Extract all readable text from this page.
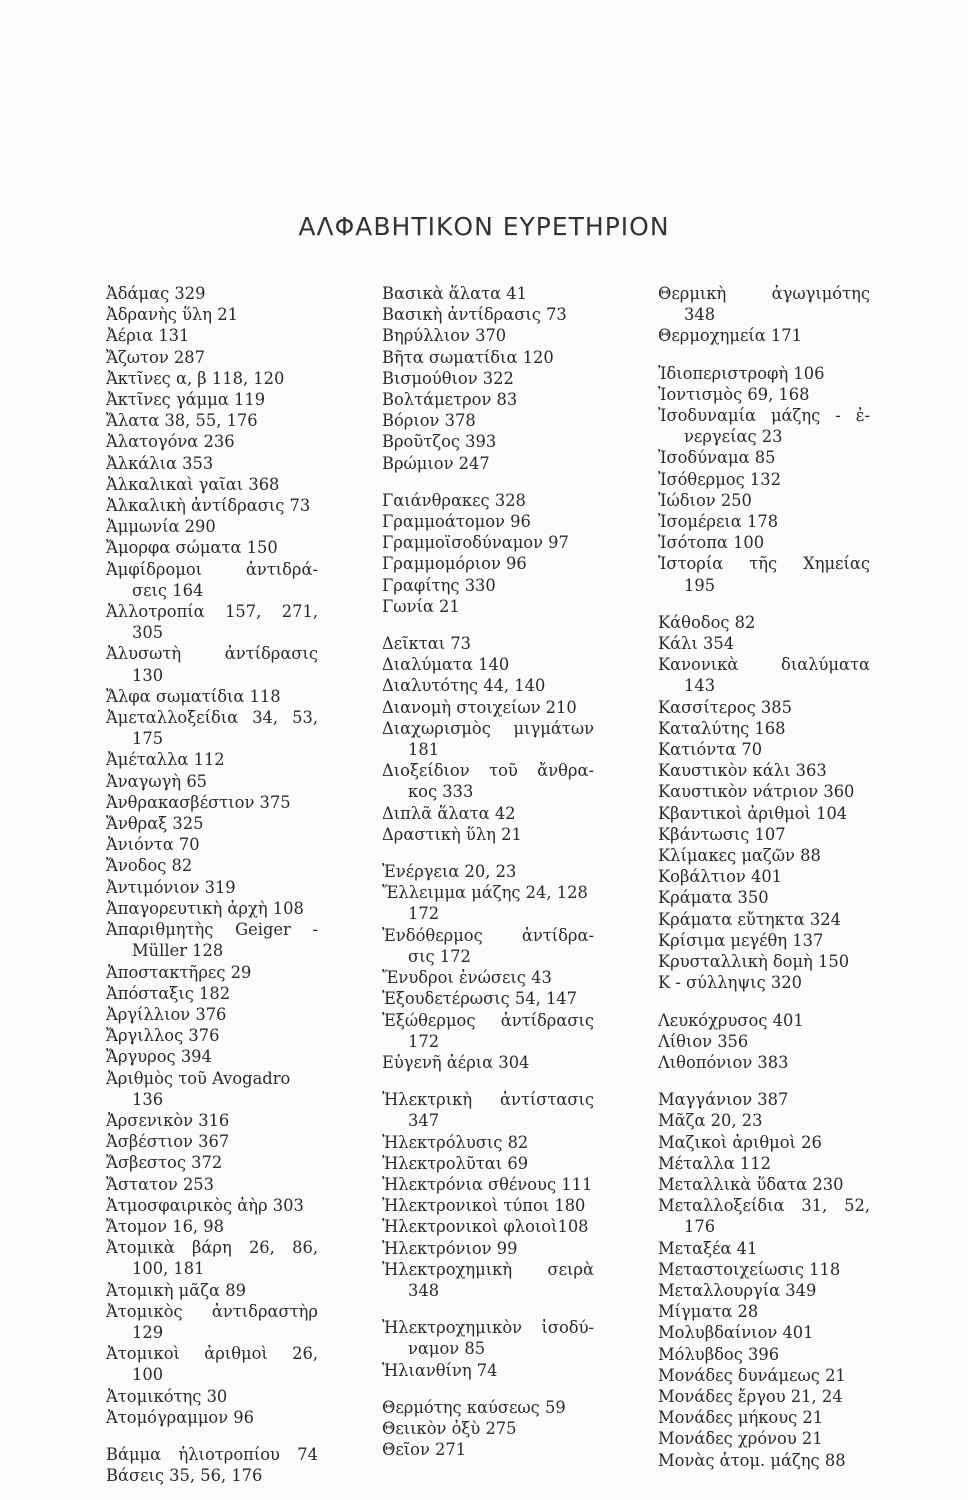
ΑΛΦΑΒΗΤΙΚΟΝ ΕΥΡΕΤΗΡΙΟΝ
Ἀδάμας 329
Ἀδρανὴς ὕλη 21
Ἀέρια 131
Ἄζωτον 287
Ἀκτῖνες α, β 118, 120
Ἀκτῖνες γάμμα 119
Ἄλατα 38, 55, 176
Ἀλατογόνα 236
Ἀλκάλια 353
Ἀλκαλικαὶ γαῖαι 368
Ἀλκαλικὴ ἀντίδρασις 73
Ἀμμωνία 290
Ἄμορφα σώματα 150
Ἀμφίδρομοι ἀντιδρά-
σεις 164
Ἀλλοτροπία 157, 271,
305
Ἀλυσωτὴ ἀντίδρασις
130
Ἄλφα σωματίδια 118
Ἀμεταλλοξείδια 34, 53,
175
Ἀμέταλλα 112
Ἀναγωγὴ 65
Ἀνθρακασβέστιον 375
Ἄνθραξ 325
Ἀνιόντα 70
Ἄνοδος 82
Ἀντιμόνιον 319
Ἀπαγορευτικὴ ἀρχὴ 108
Ἀπαριθμητὴς Geiger -
Müller 128
Ἀποστακτῆρες 29
Ἀπόσταξις 182
Ἀργίλλιον 376
Ἄργιλλος 376
Ἄργυρος 394
Ἀριθμὸς τοῦ Avogadro
136
Ἀρσενικὸν 316
Ἀσβέστιον 367
Ἄσβεστος 372
Ἄστατον 253
Ἀτμοσφαιρικὸς ἀὴρ 303
Ἄτομον 16, 98
Ἀτομικὰ βάρη 26, 86,
100, 181
Ἀτομικὴ μᾶζα 89
Ἀτομικὸς ἀντιδραστὴρ
129
Ἀτομικοὶ ἀριθμοὶ 26,
100
Ἀτομικότης 30
Ἀτομόγραμμον 96
Βάμμα ἡλιοτροπίου 74
Βάσεις 35, 56, 176
Βασικὰ ἅλατα 41
Βασικὴ ἀντίδρασις 73
Βηρύλλιον 370
Βῆτα σωματίδια 120
Βισμούθιον 322
Βολτάμετρον 83
Βόριον 378
Βροῦτζος 393
Βρώμιον 247
Γαιάνθρακες 328
Γραμμοάτομον 96
Γραμμοϊσοδύναμον 97
Γραμμομόριον 96
Γραφίτης 330
Γωνία 21
Δεῖκται 73
Διαλύματα 140
Διαλυτότης 44, 140
Διανομὴ στοιχείων 210
Διαχωρισμὸς μιγμάτων
181
Διοξείδιον τοῦ ἄνθρα-
κος 333
Διπλᾶ ἅλατα 42
Δραστικὴ ὕλη 21
Ἐνέργεια 20, 23
Ἔλλειμμα μάζης 24, 128
172
Ἐνδόθερμος ἀντίδρα-
σις 172
Ἔνυδροι ἑνώσεις 43
Ἐξουδετέρωσις 54, 147
Ἐξώθερμος ἀντίδρασις
172
Εὐγενῆ ἀέρια 304
Ἠλεκτρικὴ ἀντίστασις
347
Ἠλεκτρόλυσις 82
Ἠλεκτρολῦται 69
Ἠλεκτρόνια σθένους 111
Ἠλεκτρονικοὶ τύποι 180
Ἠλεκτρονικοὶ φλοιοὶ108
Ἠλεκτρόνιον 99
Ἠλεκτροχημικὴ σειρὰ
348
Ἠλεκτροχημικὸν ἰσοδύ-
ναμον 85
Ἡλιανθίνη 74
Θερμότης καύσεως 59
Θειικὸν ὀξὺ 275
Θεῖον 271
Θερμικὴ ἀγωγιμότης
348
Θερμοχημεία 171
Ἰδιοπεριστροφὴ 106
Ἰοντισμὸς 69, 168
Ἰσοδυναμία μάζης - ἐ-
νεργείας 23
Ἰσοδύναμα 85
Ἰσόθερμος 132
Ἰώδιον 250
Ἰσομέρεια 178
Ἰσότοπα 100
Ἱστορία τῆς Χημείας
195
Κάθοδος 82
Κάλι 354
Κανονικὰ διαλύματα
143
Κασσίτερος 385
Καταλύτης 168
Κατιόντα 70
Καυστικὸν κάλι 363
Καυστικὸν νάτριον 360
Κβαντικοὶ ἀριθμοὶ 104
Κβάντωσις 107
Κλίμακες μαζῶν 88
Κοβάλτιον 401
Κράματα 350
Κράματα εὔτηκτα 324
Κρίσιμα μεγέθη 137
Κρυσταλλικὴ δομὴ 150
Κ - σύλληψις 320
Λευκόχρυσος 401
Λίθιον 356
Λιθοπόνιον 383
Μαγγάνιον 387
Μᾶζα 20, 23
Μαζικοὶ ἀριθμοὶ 26
Μέταλλα 112
Μεταλλικὰ ὕδατα 230
Μεταλλοξείδια 31, 52,
176
Μεταξέα 41
Μεταστοιχείωσις 118
Μεταλλουργία 349
Μίγματα 28
Μολυβδαίνιον 401
Μόλυβδος 396
Μονάδες δυνάμεως 21
Μονάδες ἔργου 21, 24
Μονάδες μήκους 21
Μονάδες χρόνου 21
Μονὰς ἀτομ. μάζης 88
